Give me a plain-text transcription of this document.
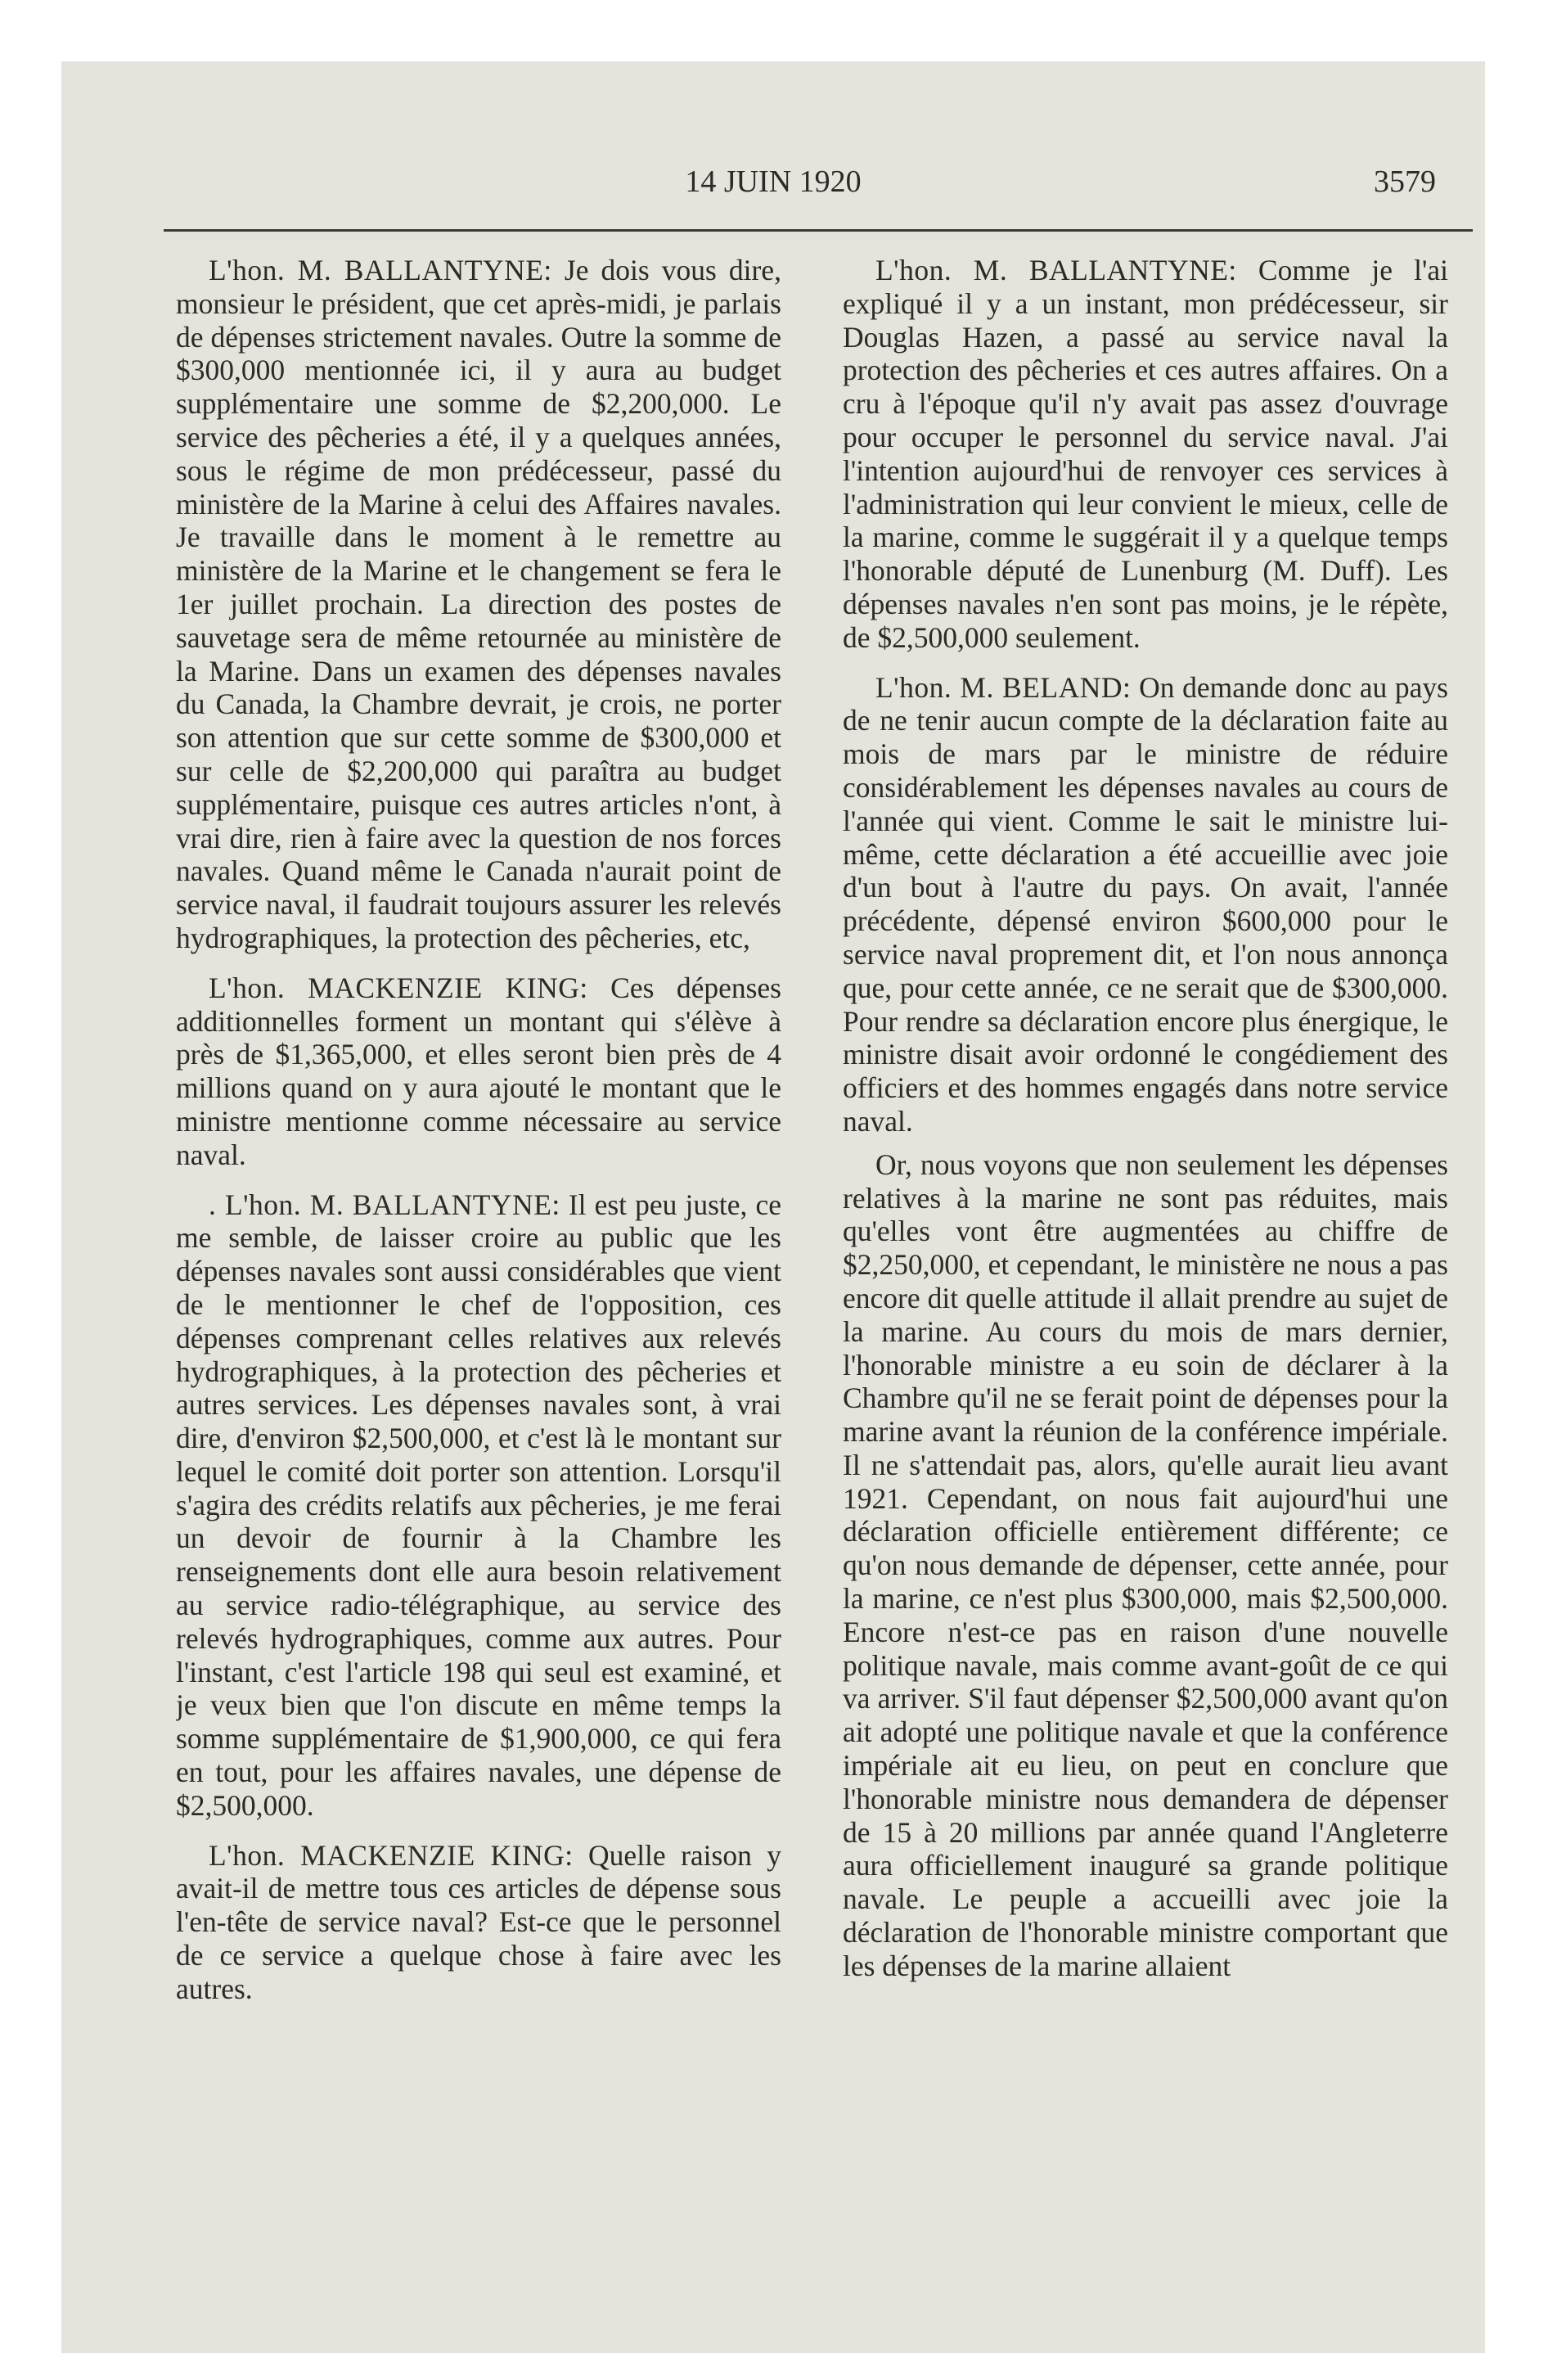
14 JUIN 1920	3579

L'hon. M. BALLANTYNE: Je dois vous dire, monsieur le président, que cet après-midi, je parlais de dépenses strictement navales. Outre la somme de $300,000 mentionnée ici, il y aura au budget supplémentaire une somme de $2,200,000. Le service des pêcheries a été, il y a quelques années, sous le régime de mon prédécesseur, passé du ministère de la Marine à celui des Affaires navales. Je travaille dans le moment à le remettre au ministère de la Marine et le changement se fera le 1er juillet prochain. La direction des postes de sauvetage sera de même retournée au ministère de la Marine. Dans un examen des dépenses navales du Canada, la Chambre devrait, je crois, ne porter son attention que sur cette somme de $300,000 et sur celle de $2,200,000 qui paraîtra au budget supplémentaire, puisque ces autres articles n'ont, à vrai dire, rien à faire avec la question de nos forces navales. Quand même le Canada n'aurait point de service naval, il faudrait toujours assurer les relevés hydrographiques, la protection des pêcheries, etc,

L'hon. MACKENZIE KING: Ces dépenses additionnelles forment un montant qui s'élève à près de $1,365,000, et elles seront bien près de 4 millions quand on y aura ajouté le montant que le ministre mentionne comme nécessaire au service naval.

. L'hon. M. BALLANTYNE: Il est peu juste, ce me semble, de laisser croire au public que les dépenses navales sont aussi considérables que vient de le mentionner le chef de l'opposition, ces dépenses comprenant celles relatives aux relevés hydrographiques, à la protection des pêcheries et autres services. Les dépenses navales sont, à vrai dire, d'environ $2,500,000, et c'est là le montant sur lequel le comité doit porter son attention. Lorsqu'il s'agira des crédits relatifs aux pêcheries, je me ferai un devoir de fournir à la Chambre les renseignements dont elle aura besoin relativement au service radio-télégraphique, au service des relevés hydrographiques, comme aux autres. Pour l'instant, c'est l'article 198 qui seul est examiné, et je veux bien que l'on discute en même temps la somme supplémentaire de $1,900,000, ce qui fera en tout, pour les affaires navales, une dépense de $2,500,000.

L'hon. MACKENZIE KING: Quelle raison y avait-il de mettre tous ces articles de dépense sous l'en-tête de service naval? Est-ce que le personnel de ce service a quelque chose à faire avec les autres.

L'hon. M. BALLANTYNE: Comme je l'ai expliqué il y a un instant, mon prédécesseur, sir Douglas Hazen, a passé au service naval la protection des pêcheries et ces autres affaires. On a cru à l'époque qu'il n'y avait pas assez d'ouvrage pour occuper le personnel du service naval. J'ai l'intention aujourd'hui de renvoyer ces services à l'administration qui leur convient le mieux, celle de la marine, comme le suggérait il y a quelque temps l'honorable député de Lunenburg (M. Duff). Les dépenses navales n'en sont pas moins, je le répète, de $2,500,000 seulement.

L'hon. M. BELAND: On demande donc au pays de ne tenir aucun compte de la déclaration faite au mois de mars par le ministre de réduire considérablement les dépenses navales au cours de l'année qui vient. Comme le sait le ministre lui-même, cette déclaration a été accueillie avec joie d'un bout à l'autre du pays. On avait, l'année précédente, dépensé environ $600,000 pour le service naval proprement dit, et l'on nous annonça que, pour cette année, ce ne serait que de $300,000. Pour rendre sa déclaration encore plus énergique, le ministre disait avoir ordonné le congédiement des officiers et des hommes engagés dans notre service naval.

Or, nous voyons que non seulement les dépenses relatives à la marine ne sont pas réduites, mais qu'elles vont être augmentées au chiffre de $2,250,000, et cependant, le ministère ne nous a pas encore dit quelle attitude il allait prendre au sujet de la marine. Au cours du mois de mars dernier, l'honorable ministre a eu soin de déclarer à la Chambre qu'il ne se ferait point de dépenses pour la marine avant la réunion de la conférence impériale. Il ne s'attendait pas, alors, qu'elle aurait lieu avant 1921. Cependant, on nous fait aujourd'hui une déclaration officielle entièrement différente; ce qu'on nous demande de dépenser, cette année, pour la marine, ce n'est plus $300,000, mais $2,500,000. Encore n'est-ce pas en raison d'une nouvelle politique navale, mais comme avant-goût de ce qui va arriver. S'il faut dépenser $2,500,000 avant qu'on ait adopté une politique navale et que la conférence impériale ait eu lieu, on peut en conclure que l'honorable ministre nous demandera de dépenser de 15 à 20 millions par année quand l'Angleterre aura officiellement inauguré sa grande politique navale. Le peuple a accueilli avec joie la déclaration de l'honorable ministre comportant que les dépenses de la marine allaient
